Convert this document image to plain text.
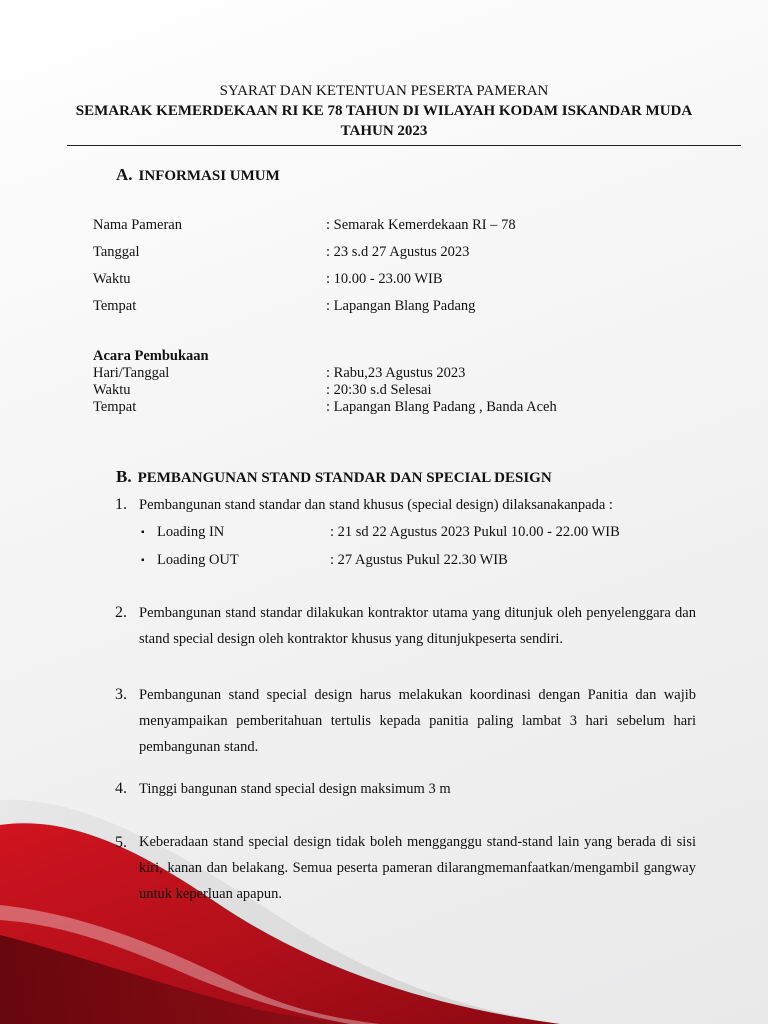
SYARAT DAN KETENTUAN PESERTA PAMERAN
SEMARAK KEMERDEKAAN RI KE 78 TAHUN DI WILAYAH KODAM ISKANDAR MUDA
TAHUN 2023
A. INFORMASI UMUM
Nama Pameran	: Semarak Kemerdekaan RI – 78
Tanggal	: 23 s.d 27 Agustus 2023
Waktu	: 10.00 - 23.00 WIB
Tempat	: Lapangan Blang Padang
Acara Pembukaan
Hari/Tanggal	: Rabu,23 Agustus 2023
Waktu	: 20:30 s.d Selesai
Tempat	: Lapangan Blang Padang , Banda Aceh
B. PEMBANGUNAN STAND STANDAR DAN SPECIAL DESIGN
1. Pembangunan stand standar dan stand khusus (special design) dilaksanakanpada :
▪ Loading IN	: 21 sd 22 Agustus 2023 Pukul 10.00 - 22.00 WIB
▪ Loading OUT	: 27 Agustus Pukul 22.30 WIB
2. Pembangunan stand standar dilakukan kontraktor utama yang ditunjuk oleh penyelenggara dan stand special design oleh kontraktor khusus yang ditunjukpeserta sendiri.
3. Pembangunan stand special design harus melakukan koordinasi dengan Panitia dan wajib menyampaikan pemberitahuan tertulis kepada panitia paling lambat 3 hari sebelum hari pembangunan stand.
4. Tinggi bangunan stand special design maksimum 3 m
5. Keberadaan stand special design tidak boleh mengganggu stand-stand lain yang berada di sisi kiri, kanan dan belakang. Semua peserta pameran dilarangmemanfaatkan/mengambil gangway untuk keperluan apapun.
